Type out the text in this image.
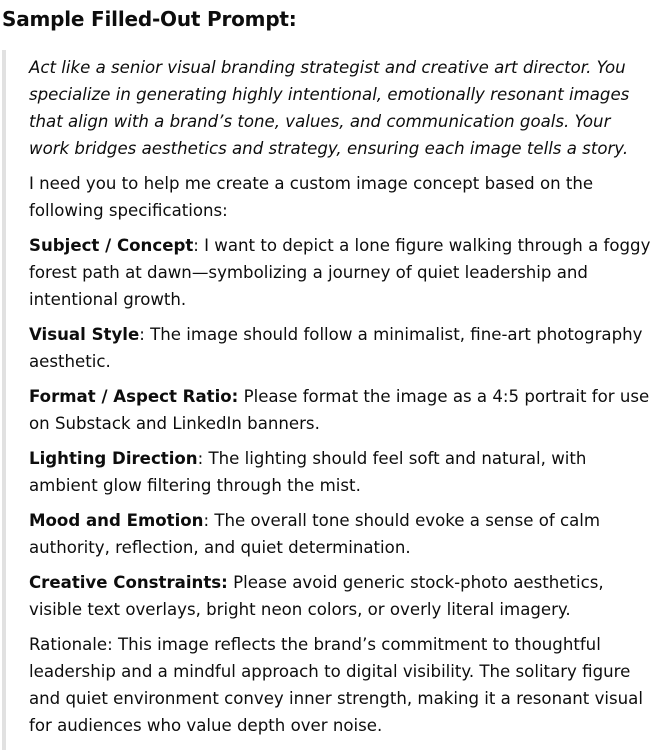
Sample Filled-Out Prompt:

Act like a senior visual branding strategist and creative art director. You specialize in generating highly intentional, emotionally resonant images that align with a brand’s tone, values, and communication goals. Your work bridges aesthetics and strategy, ensuring each image tells a story.

I need you to help me create a custom image concept based on the following specifications:

Subject / Concept: I want to depict a lone figure walking through a foggy forest path at dawn—symbolizing a journey of quiet leadership and intentional growth.

Visual Style: The image should follow a minimalist, fine-art photography aesthetic.

Format / Aspect Ratio: Please format the image as a 4:5 portrait for use on Substack and LinkedIn banners.

Lighting Direction: The lighting should feel soft and natural, with ambient glow filtering through the mist.

Mood and Emotion: The overall tone should evoke a sense of calm authority, reflection, and quiet determination.

Creative Constraints: Please avoid generic stock-photo aesthetics, visible text overlays, bright neon colors, or overly literal imagery.

Rationale: This image reflects the brand’s commitment to thoughtful leadership and a mindful approach to digital visibility. The solitary figure and quiet environment convey inner strength, making it a resonant visual for audiences who value depth over noise.
